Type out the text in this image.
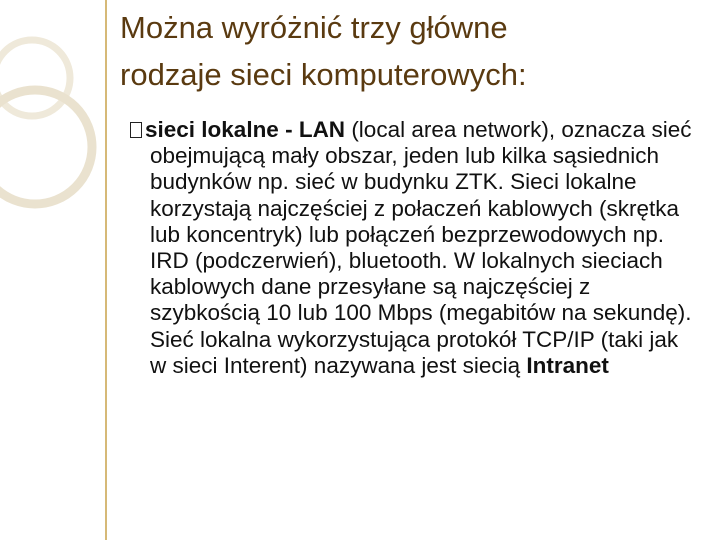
Można wyróżnić trzy główne
rodzaje sieci komputerowych:

sieci lokalne - LAN (local area network), oznacza sieć obejmującą mały obszar, jeden lub kilka sąsiednich budynków np. sieć w budynku ZTK. Sieci lokalne korzystają najczęściej z połaczeń kablowych (skrętka lub koncentryk) lub połączeń bezprzewodowych np. IRD (podczerwień), bluetooth. W lokalnych sieciach kablowych dane przesyłane są najczęściej z szybkością 10 lub 100 Mbps (megabitów na sekundę). Sieć lokalna wykorzystująca protokół TCP/IP (taki jak w sieci Interent) nazywana jest siecią Intranet
